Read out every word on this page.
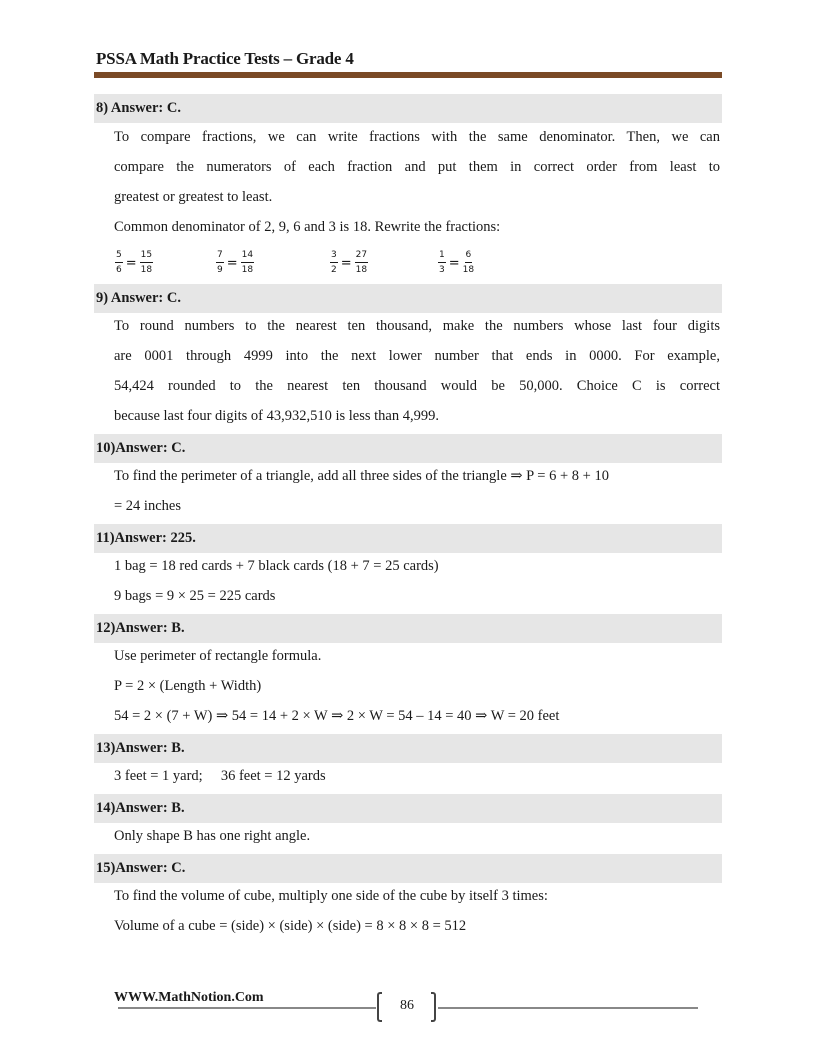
PSSA Math Practice Tests – Grade 4
8) Answer: C.
To compare fractions, we can write fractions with the same denominator. Then, we can
compare the numerators of each fraction and put them in correct order from least to
greatest or greatest to least.
Common denominator of 2, 9, 6 and 3 is 18. Rewrite the fractions:
$\frac{5}{6} = \frac{15}{18}$	$\frac{7}{9} = \frac{14}{18}$	$\frac{3}{2} = \frac{27}{18}$	$\frac{1}{3} = \frac{6}{18}$
9) Answer: C.
To round numbers to the nearest ten thousand, make the numbers whose last four digits
are 0001 through 4999 into the next lower number that ends in 0000. For example,
54,424 rounded to the nearest ten thousand would be 50,000. Choice C is correct
because last four digits of 43,932,510 is less than 4,999.
10)Answer: C.
To find the perimeter of a triangle, add all three sides of the triangle ⇒ P = 6 + 8 + 10
= 24 inches
11)Answer: 225.
1 bag = 18 red cards + 7 black cards (18 + 7 = 25 cards)
9 bags = 9 × 25 = 225 cards
12)Answer: B.
Use perimeter of rectangle formula.
P = 2 × (Length + Width)
54 = 2 × (7 + W) ⇒ 54 = 14 + 2 × W ⇒ 2 × W = 54 – 14 = 40 ⇒ W = 20 feet
13)Answer: B.
3 feet = 1 yard;     36 feet = 12 yards
14)Answer: B.
Only shape B has one right angle.
15)Answer: C.
To find the volume of cube, multiply one side of the cube by itself 3 times:
Volume of a cube = (side) × (side) × (side) = 8 × 8 × 8 = 512
WWW.MathNotion.Com
86
